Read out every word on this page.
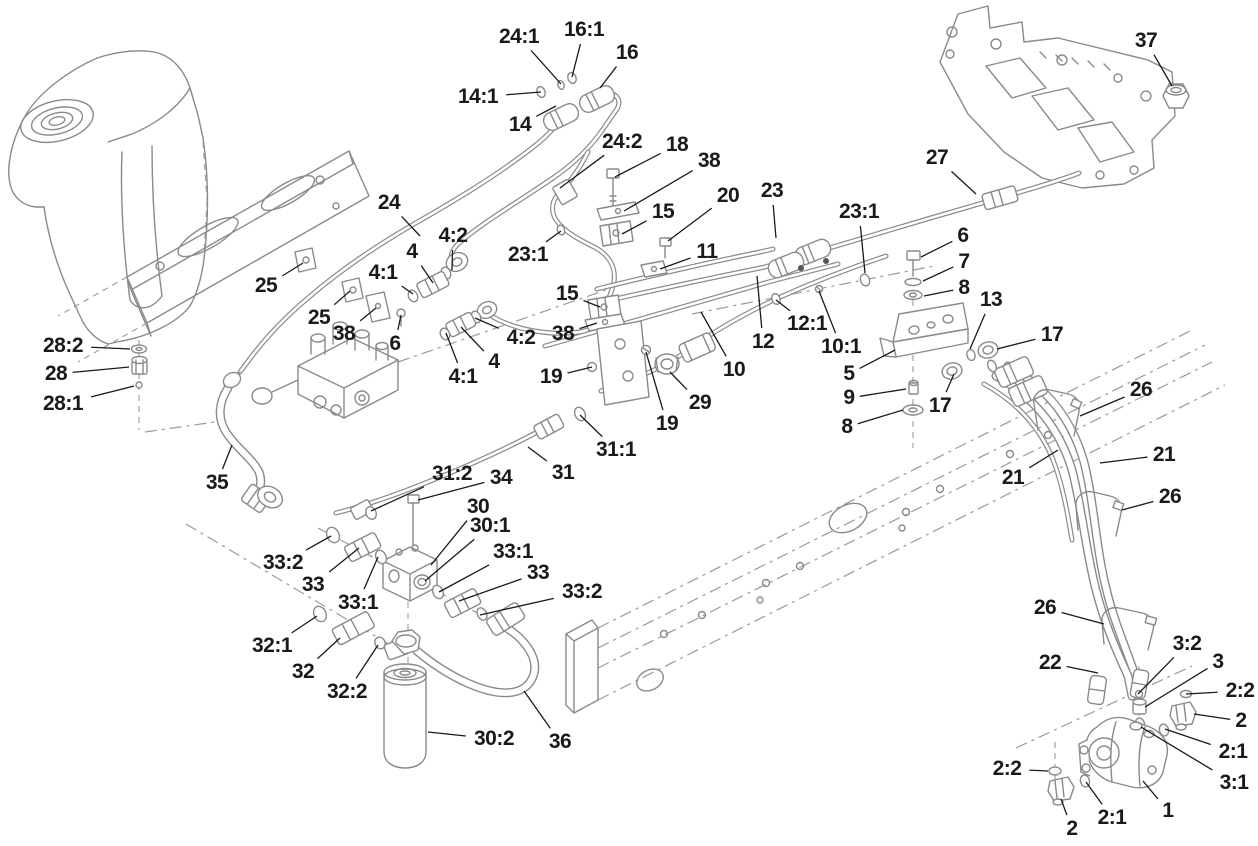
24:1 16:1
16
14:1
14
24:2 18
38
15
20 23
23:1
27
37
11
24
4:2
4
4:1
23:1
25
25
38 6
15
38
4:2
4
4:1	19
29
10
12
12:1
10:1
19
31:1
31
6
7
8
13
17
17
5
9
8
26
21
21
26
26
22
3:2
3
2:2
2
2:1
3:1
1
2:2
2 2:1
28:2
28
28:1
35	31:2 34
30
30:1
33:1
33
33:2
33:2
33
33:1
32:1
32
32:2
30:2 36
